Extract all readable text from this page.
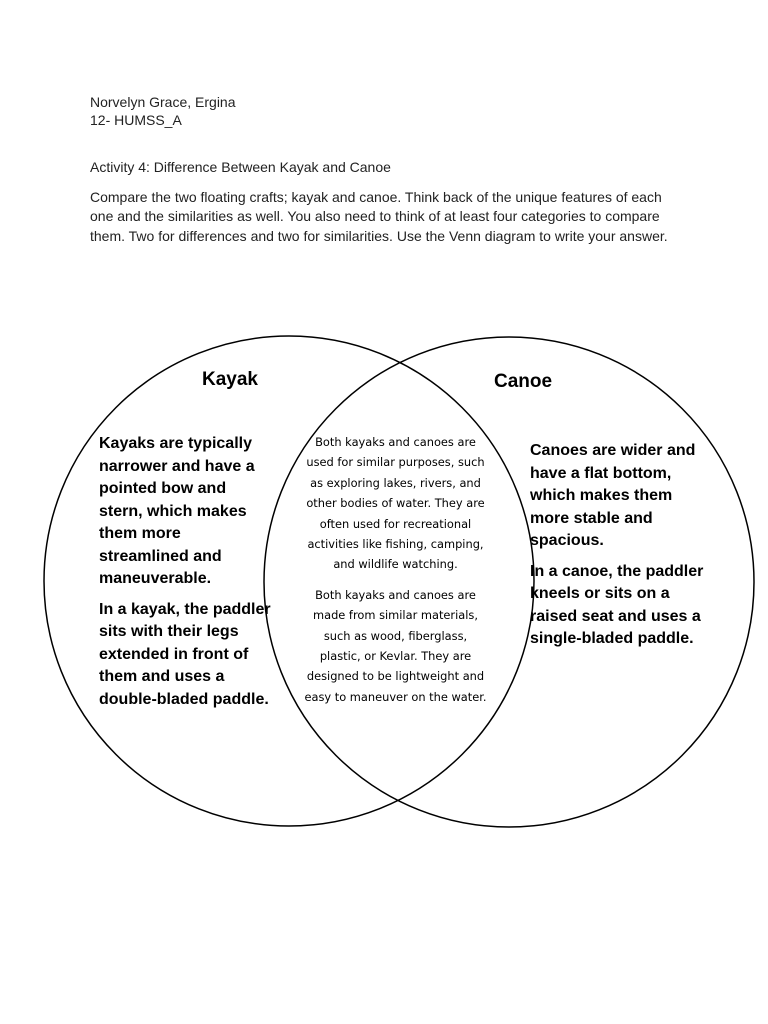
Norvelyn Grace, Ergina
12- HUMSS_A
Activity 4: Difference Between Kayak and Canoe
Compare the two floating crafts; kayak and canoe. Think back of the unique features of each one and the similarities as well. You also need to think of at least four categories to compare them. Two for differences and two for similarities. Use the Venn diagram to write your answer.
Kayak	Canoe

Kayaks are typically narrower and have a pointed bow and stern, which makes them more streamlined and maneuverable.

In a kayak, the paddler sits with their legs extended in front of them and uses a double-bladed paddle.

Both kayaks and canoes are used for similar purposes, such as exploring lakes, rivers, and other bodies of water. They are often used for recreational activities like fishing, camping, and wildlife watching.

Both kayaks and canoes are made from similar materials, such as wood, fiberglass, plastic, or Kevlar. They are designed to be lightweight and easy to maneuver on the water.

Canoes are wider and have a flat bottom, which makes them more stable and spacious.

In a canoe, the paddler kneels or sits on a raised seat and uses a single-bladed paddle.
